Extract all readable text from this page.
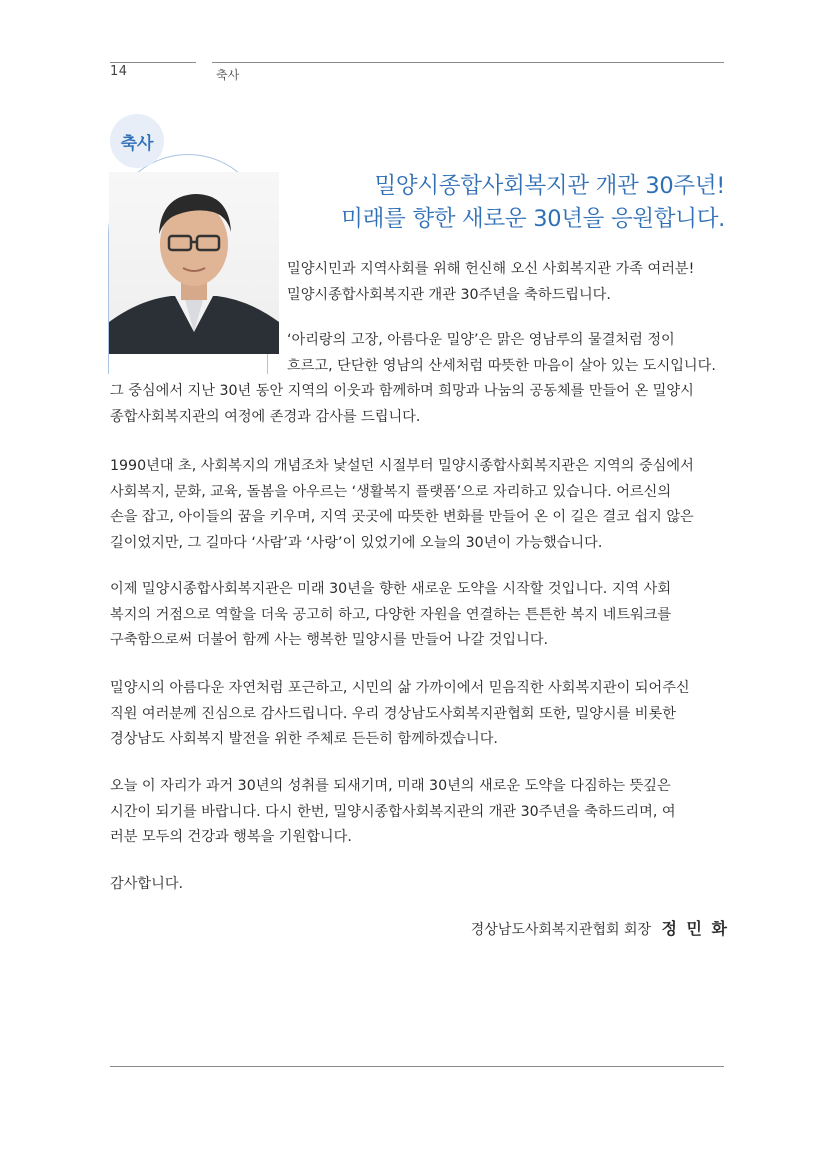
14	축사
축사
밀양시종합사회복지관 개관 30주년!
미래를 향한 새로운 30년을 응원합니다.
밀양시민과 지역사회를 위해 헌신해 오신 사회복지관 가족 여러분!
밀양시종합사회복지관 개관 30주년을 축하드립니다.
‘아리랑의 고장, 아름다운 밀양’은 맑은 영남루의 물결처럼 정이
흐르고, 단단한 영남의 산세처럼 따뜻한 마음이 살아 있는 도시입니다.
그 중심에서 지난 30년 동안 지역의 이웃과 함께하며 희망과 나눔의 공동체를 만들어 온 밀양시
종합사회복지관의 여정에 존경과 감사를 드립니다.
1990년대 초, 사회복지의 개념조차 낯설던 시절부터 밀양시종합사회복지관은 지역의 중심에서
사회복지, 문화, 교육, 돌봄을 아우르는 ‘생활복지 플랫폼’으로 자리하고 있습니다. 어르신의
손을 잡고, 아이들의 꿈을 키우며, 지역 곳곳에 따뜻한 변화를 만들어 온 이 길은 결코 쉽지 않은
길이었지만, 그 길마다 ‘사람’과 ‘사랑’이 있었기에 오늘의 30년이 가능했습니다.
이제 밀양시종합사회복지관은 미래 30년을 향한 새로운 도약을 시작할 것입니다. 지역 사회
복지의 거점으로 역할을 더욱 공고히 하고, 다양한 자원을 연결하는 튼튼한 복지 네트워크를
구축함으로써 더불어 함께 사는 행복한 밀양시를 만들어 나갈 것입니다.
밀양시의 아름다운 자연처럼 포근하고, 시민의 삶 가까이에서 믿음직한 사회복지관이 되어주신
직원 여러분께 진심으로 감사드립니다. 우리 경상남도사회복지관협회 또한, 밀양시를 비롯한
경상남도 사회복지 발전을 위한 주체로 든든히 함께하겠습니다.
오늘 이 자리가 과거 30년의 성취를 되새기며, 미래 30년의 새로운 도약을 다짐하는 뜻깊은
시간이 되기를 바랍니다. 다시 한번, 밀양시종합사회복지관의 개관 30주년을 축하드리며, 여
러분 모두의 건강과 행복을 기원합니다.
감사합니다.
경상남도사회복지관협회 회장 정 민 화
